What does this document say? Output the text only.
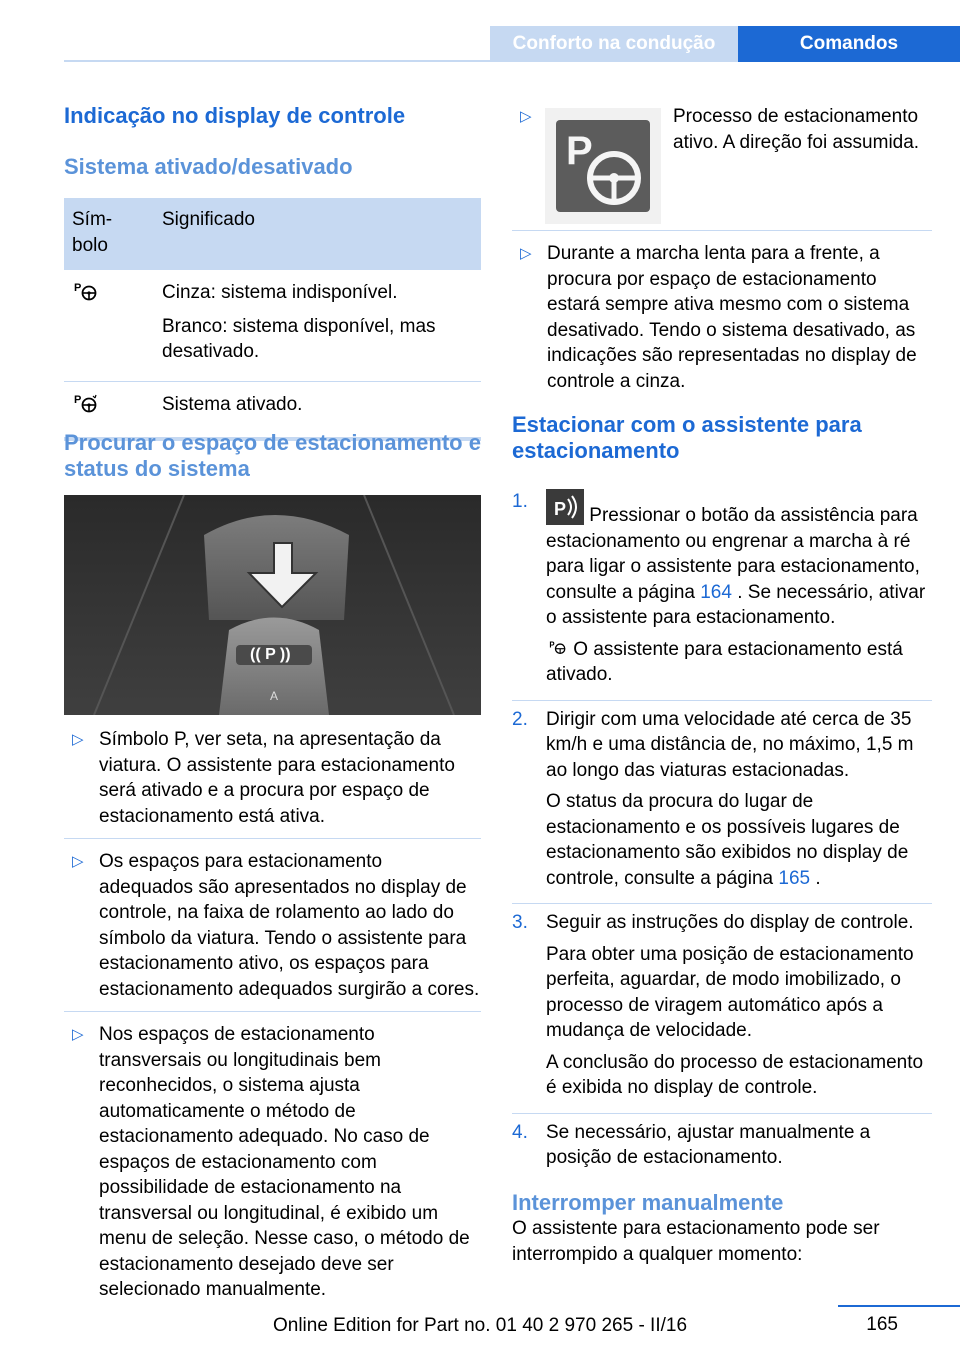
Conforto na condução	Comandos
Indicação no display de controle
Sistema ativado/desativado
Sím-
bolo	Significado

P	Cinza: sistema indisponível.

Branco: sistema disponível, mas desativado.

P	Sistema ativado.

Procurar o espaço de estacionamento e status do sistema
(( P ))
A
▷ Símbolo P, ver seta, na apresentação da viatura. O assistente para estacionamento será ativado e a procura por espaço de estacionamento está ativa.
▷ Os espaços para estacionamento adequados são apresentados no display de controle, na faixa de rolamento ao lado do símbolo da viatura. Tendo o assistente para estacionamento ativo, os espaços para estacionamento adequados surgirão a cores.
▷ Nos espaços de estacionamento transversais ou longitudinais bem reconhecidos, o sistema ajusta automaticamente o método de estacionamento adequado. No caso de espaços de estacionamento com possibilidade de estacionamento na transversal ou longitudinal, é exibido um menu de seleção. Nesse caso, o método de estacionamento desejado deve ser selecionado manualmente.
▷
P
Processo de estacionamento ativo. A direção foi assumida.
▷ Durante a marcha lenta para a frente, a procura por espaço de estacionamento estará sempre ativa mesmo com o sistema desativado. Tendo o sistema desativado, as indicações são representadas no display de controle a cinza.
Estacionar com o assistente para estacionamento
1. P Pressionar o botão da assistência para estacionamento ou engrenar a marcha à ré para ligar o assistente para estacionamento, consulte a página 164 . Se necessário, ativar o assistente para estacionamento.

P O assistente para estacionamento está ativado.

2. Dirigir com uma velocidade até cerca de 35 km/h e uma distância de, no máximo, 1,5 m ao longo das viaturas estacionadas.

O status da procura do lugar de estacionamento e os possíveis lugares de estacionamento são exibidos no display de controle, consulte a página 165 .

3. Seguir as instruções do display de controle.

Para obter uma posição de estacionamento perfeita, aguardar, de modo imobilizado, o processo de viragem automático após a mudança de velocidade.

A conclusão do processo de estacionamento é exibida no display de controle.

4. Se necessário, ajustar manualmente a posição de estacionamento.

Interromper manualmente

O assistente para estacionamento pode ser interrompido a qualquer momento:

165
Online Edition for Part no. 01 40 2 970 265 - II/16
